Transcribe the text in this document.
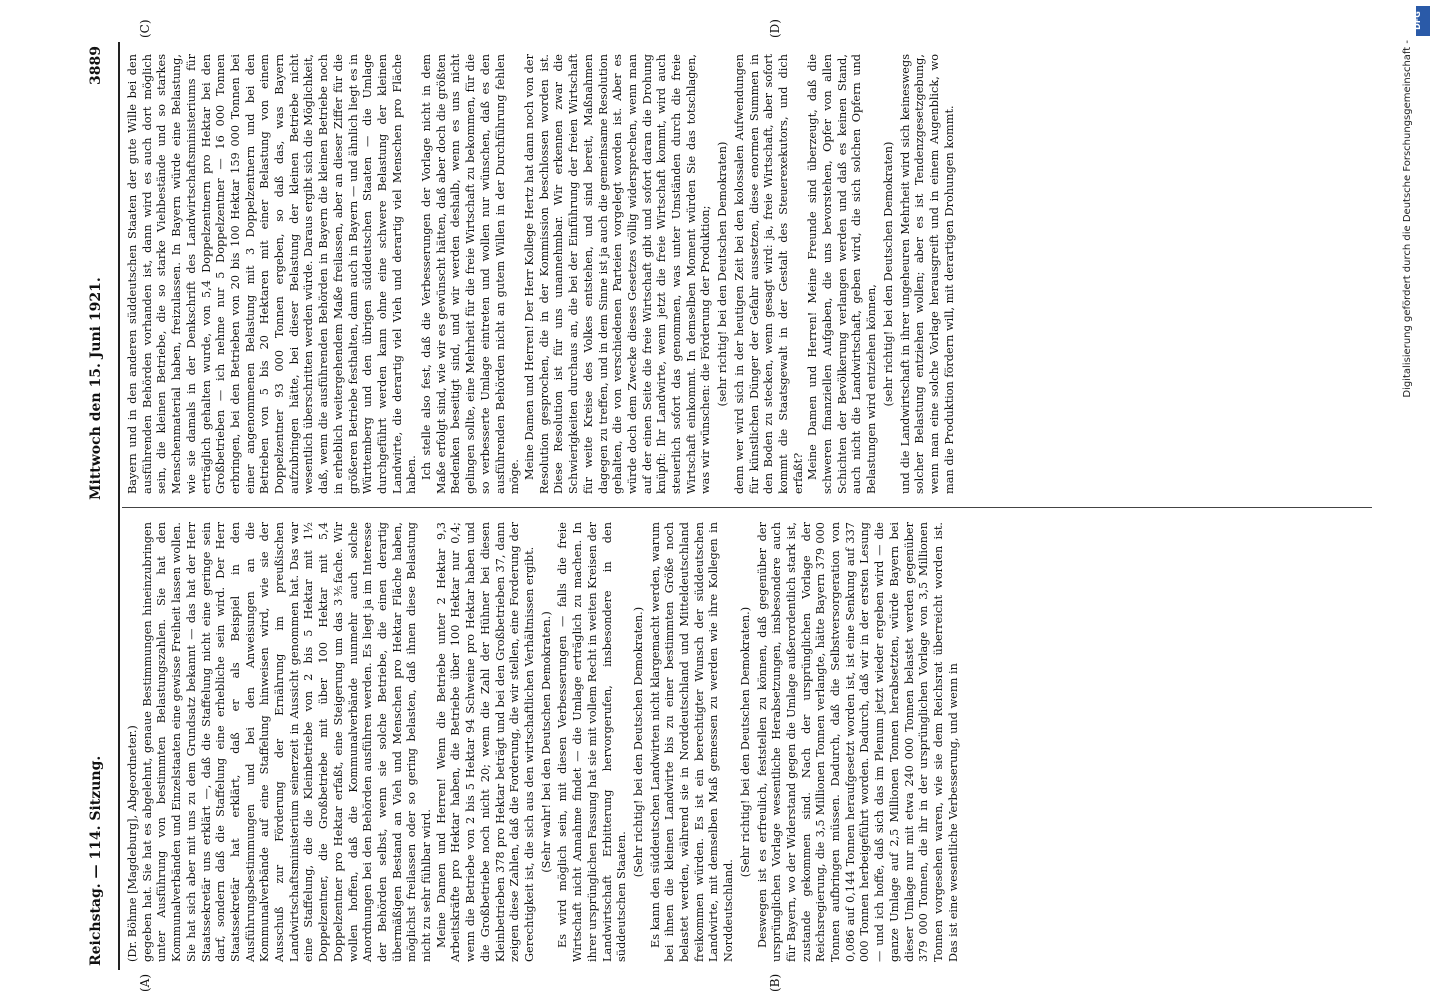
Reichstag. — 114. Sitzung.
Mittwoch den 15. Juni 1921.
3889

(Dr. Böhme [Magdeburg], Abgeordneter.) gegeben hat. Sie hat es abgelehnt, genaue Bestimmungen hineinzubringen unter Ausführung von bestimmten Belastungszahlen. Sie hat den Kommunalverbänden und Einzelstaaten eine gewisse Freiheit lassen wollen. Sie hat sich aber mit uns zu dem Grundsatz bekannt — das hat der Herr Staatssekretär uns erklärt —, daß die Staffelung nicht eine geringe sein darf, sondern daß die Staffelung eine erhebliche sein wird. Der Herr Staatssekretär hat erklärt, daß er als Beispiel in den Ausführungsbestimmungen und bei den Anweisungen an die Kommunalverbände auf eine Staffelung hinweisen wird, wie sie der Ausschuß zur Förderung der Ernährung im preußischen Landwirtschaftsministerium seinerzeit in Aussicht genommen hat. Das war eine Staffelung, die die Kleinbetriebe von 2 bis 5 Hektar mit 1½ Doppelzentner, die Großbetriebe mit über 100 Hektar mit 5,4 Doppelzentner pro Hektar erfaßt, eine Steigerung um das 3⅗fache. Wir wollen hoffen, daß die Kommunalverbände nunmehr auch solche Anordnungen bei den Behörden ausführen werden. Es liegt ja im Interesse der Behörden selbst, wenn sie solche Betriebe, die einen derartig übermäßigen Bestand an Vieh und Menschen pro Hektar Fläche haben, möglichst freilassen oder so gering belasten, daß ihnen diese Belastung nicht zu sehr fühlbar wird. Meine Damen und Herren! Wenn die Betriebe unter 2 Hektar 9,3 Arbeitskräfte pro Hektar haben, die Betriebe über 100 Hektar nur 0,4; wenn die Betriebe von 2 bis 5 Hektar 94 Schweine pro Hektar haben und die Großbetriebe noch nicht 20; wenn die Zahl der Hühner bei diesen Kleinbetrieben 378 pro Hektar beträgt und bei den Großbetrieben 37, dann zeigen diese Zahlen, daß die Forderung, die wir stellen, eine Forderung der Gerechtigkeit ist, die sich aus den wirtschaftlichen Verhältnissen ergibt. (Sehr wahr! bei den Deutschen Demokraten.) Es wird möglich sein, mit diesen Verbesserungen — falls die freie Wirtschaft nicht Annahme findet — die Umlage erträglich zu machen. In ihrer ursprünglichen Fassung hat sie mit vollem Recht in weiten Kreisen der Landwirtschaft Erbitterung hervorgerufen, insbesondere in den süddeutschen Staaten.

(Sehr richtig! bei den Deutschen Demokraten.) Es kann den süddeutschen Landwirten nicht klargemacht werden, warum bei ihnen die kleinen Landwirte bis zu einer bestimmten Größe noch belastet werden, während sie in Norddeutschland und Mitteldeutschland freikommen würden. Es ist ein berechtigter Wunsch der süddeutschen Landwirte, mit demselben Maß gemessen zu werden wie ihre Kollegen in Norddeutschland.

(Sehr richtig! bei den Deutschen Demokraten.) Deswegen ist es erfreulich, feststellen zu können, daß gegenüber der ursprünglichen Vorlage wesentliche Herabsetzungen, insbesondere auch für Bayern, wo der Widerstand gegen die Umlage außerordentlich stark ist, zustande gekommen sind. Nach der ursprünglichen Vorlage der Reichsregierung, die 3,5 Millionen Tonnen verlangte, hätte Bayern 379 000 Tonnen aufbringen müssen. Dadurch, daß die Selbstversorgeration von 0,086 auf 0,144 Tonnen heraufgesetzt worden ist, ist eine Senkung auf 337 000 Tonnen herbeigeführt worden. Dadurch, daß wir in der ersten Lesung — und ich hoffe, daß sich das im Plenum jetzt wieder ergeben wird — die ganze Umlage auf 2,5 Millionen Tonnen herabsetzten, würde Bayern bei dieser Umlage nur mit etwa 240 000 Tonnen belastet werden gegenüber 379 000 Tonnen, die ihr in der ursprünglichen Vorlage von 3,5 Millionen Tonnen vorgesehen waren, wie sie dem Reichsrat überreicht worden ist. Das ist eine wesentliche Verbesserung, und wenn in

Bayern und in den anderen süddeutschen Staaten der gute Wille bei den ausführenden Behörden vorhanden ist, dann wird es auch dort möglich sein, die kleinen Betriebe, die so starke Viehbestände und so starkes Menschenmaterial haben, freizulassen. In Bayern würde eine Belastung, wie sie damals in der Denkschrift des Landwirtschaftsministeriums für erträglich gehalten wurde, von 5,4 Doppelzentnern pro Hektar bei den Großbetrieben — ich nehme nur 5 Doppelzentner — 16 000 Tonnen erbringen, bei den Betrieben von 20 bis 100 Hektar 159 000 Tonnen bei einer angenommenen Belastung mit 3 Doppelzentnern und bei den Betrieben von 5 bis 20 Hektaren mit einer Belastung von einem Doppelzentner 93 000 Tonnen ergeben, so daß das, was Bayern aufzubringen hätte, bei dieser Belastung der kleinen Betriebe nicht wesentlich überschritten werden würde. Daraus ergibt sich die Möglichkeit, daß, wenn die ausführenden Behörden in Bayern die kleinen Betriebe noch in erheblich weitergehendem Maße freilassen, aber an dieser Ziffer für die größeren Betriebe festhalten, dann auch in Bayern — und ähnlich liegt es in Württemberg und den übrigen süddeutschen Staaten — die Umlage durchgeführt werden kann ohne eine schwere Belastung der kleinen Landwirte, die derartig viel Vieh und derartig viel Menschen pro Fläche haben. Ich stelle also fest, daß die Verbesserungen der Vorlage nicht in dem Maße erfolgt sind, wie wir es gewünscht hätten, daß aber doch die größten Bedenken beseitigt sind, und wir werden deshalb, wenn es uns nicht gelingen sollte, eine Mehrheit für die freie Wirtschaft zu bekommen, für die so verbesserte Umlage eintreten und wollen nur wünschen, daß es den ausführenden Behörden nicht an gutem Willen in der Durchführung fehlen möge. Meine Damen und Herren! Der Herr Kollege Hertz hat dann noch von der Resolution gesprochen, die in der Kommission beschlossen worden ist. Diese Resolution ist für uns unannehmbar. Wir erkennen zwar die Schwierigkeiten durchaus an, die bei der Einführung der freien Wirtschaft für weite Kreise des Volkes entstehen, und sind bereit, Maßnahmen dagegen zu treffen, und in dem Sinne ist ja auch die gemeinsame Resolution gehalten, die von verschiedenen Parteien vorgelegt worden ist. Aber es würde doch dem Zwecke dieses Gesetzes völlig widersprechen, wenn man auf der einen Seite die freie Wirtschaft gibt und sofort daran die Drohung knüpft: Ihr Landwirte, wenn jetzt die freie Wirtschaft kommt, wird auch steuerlich sofort das genommen, was unter Umständen durch die freie Wirtschaft einkommt. In demselben Moment würden Sie das totschlagen, was wir wünschen: die Förderung der Produktion; (sehr richtig! bei den Deutschen Demokraten) denn wer wird sich in der heutigen Zeit bei den kolossalen Aufwendungen für künstlichen Dünger der Gefahr aussetzen, diese enormen Summen in den Boden zu stecken, wenn gesagt wird: ja, freie Wirtschaft, aber sofort kommt die Staatsgewalt in der Gestalt des Steuerexekutors, und dich erfaßt? Meine Damen und Herren! Meine Freunde sind überzeugt, daß die schweren finanziellen Aufgaben, die uns bevorstehen, Opfer von allen Schichten der Bevölkerung verlangen werden und daß es keinen Stand, auch nicht die Landwirtschaft, geben wird, die sich solchen Opfern und Belastungen wird entziehen können, (sehr richtig! bei den Deutschen Demokraten) und die Landwirtschaft in ihrer ungeheuren Mehrheit wird sich keineswegs solcher Belastung entziehen wollen; aber es ist Tendenzgesetzgebung, wenn man eine solche Vorlage herausgreift und in einem Augenblick, wo man die Produktion fördern will, mit derartigen Drohungen kommt.

(A)	(B)
(C)	(D)	DFG
Digitalisierung gefördert durch die Deutsche Forschungsgemeinschaft -
